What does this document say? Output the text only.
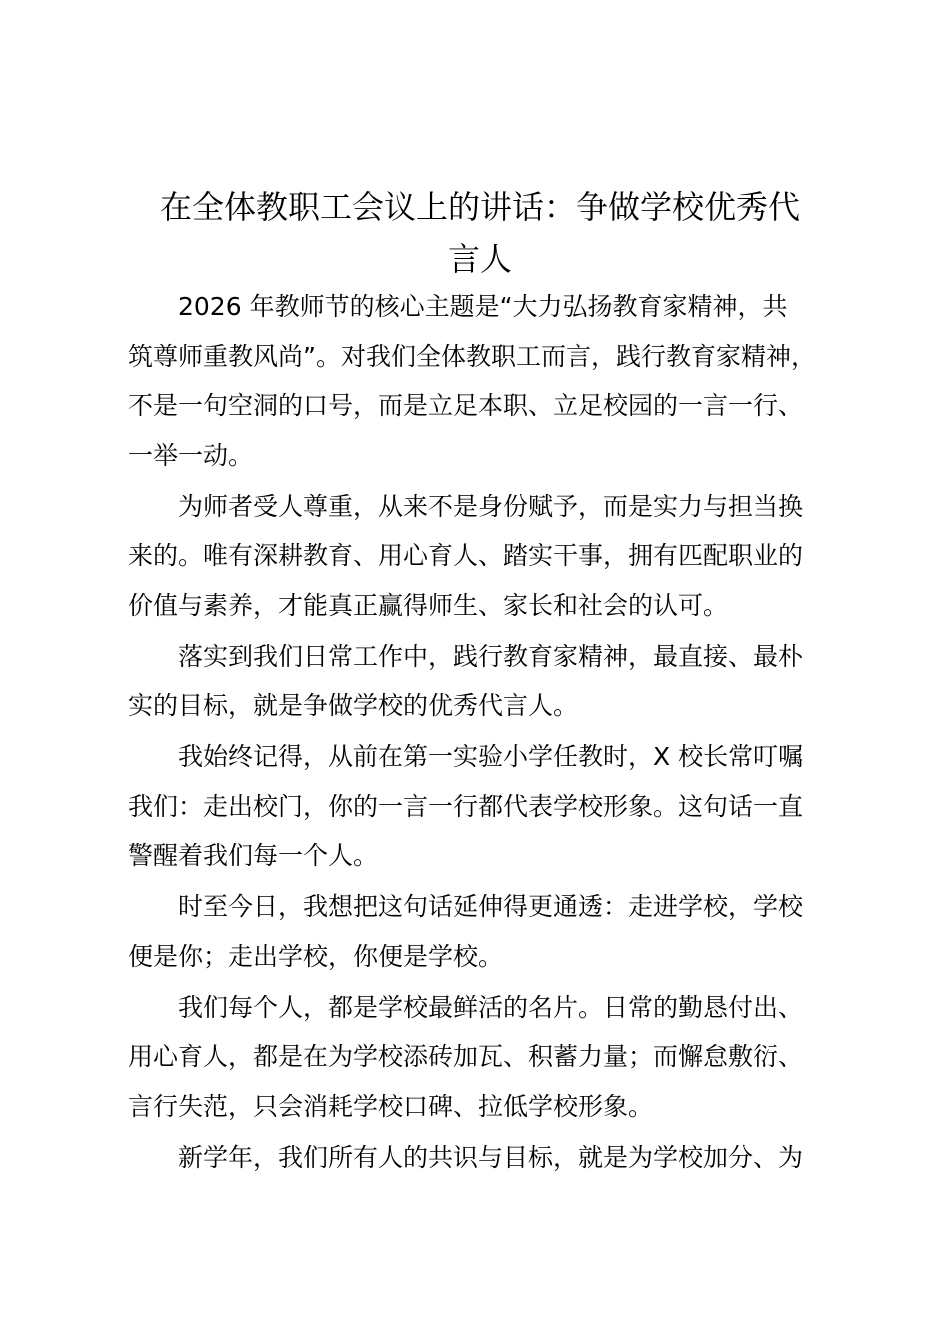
在全体教职工会议上的讲话：争做学校优秀代
言人

2026 年教师节的核心主题是“大力弘扬教育家精神，共
筑尊师重教风尚”。对我们全体教职工而言，践行教育家精神，
不是一句空洞的口号，而是立足本职、立足校园的一言一行、
一举一动。

为师者受人尊重，从来不是身份赋予，而是实力与担当换
来的。唯有深耕教育、用心育人、踏实干事，拥有匹配职业的
价值与素养，才能真正赢得师生、家长和社会的认可。

落实到我们日常工作中，践行教育家精神，最直接、最朴
实的目标，就是争做学校的优秀代言人。

我始终记得，从前在第一实验小学任教时，X 校长常叮嘱
我们：走出校门，你的一言一行都代表学校形象。这句话一直
警醒着我们每一个人。

时至今日，我想把这句话延伸得更通透：走进学校，学校
便是你；走出学校，你便是学校。

我们每个人，都是学校最鲜活的名片。日常的勤恳付出、
用心育人，都是在为学校添砖加瓦、积蓄力量；而懈怠敷衍、
言行失范，只会消耗学校口碑、拉低学校形象。

新学年，我们所有人的共识与目标，就是为学校加分、为
